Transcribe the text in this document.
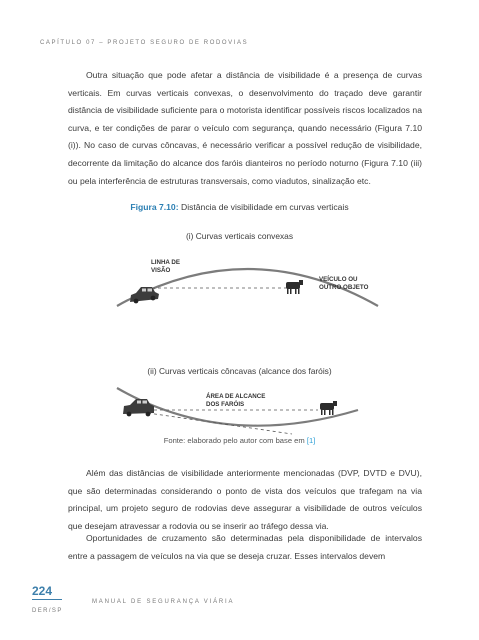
CAPÍTULO 07 – PROJETO SEGURO DE RODOVIAS
Outra situação que pode afetar a distância de visibilidade é a presença de curvas verticais. Em curvas verticais convexas, o desenvolvimento do traçado deve garantir distância de visibilidade suficiente para o motorista identificar possíveis riscos localizados na curva, e ter condições de parar o veículo com segurança, quando necessário (Figura 7.10 (i)). No caso de curvas côncavas, é necessário verificar a possível redução de visibilidade, decorrente da limitação do alcance dos faróis dianteiros no período noturno (Figura 7.10 (iii) ou pela interferência de estruturas transversais, como viadutos, sinalização etc.
Figura 7.10: Distância de visibilidade em curvas verticais
(i) Curvas verticais convexas
LINHA DE
VISÃO
VEÍCULO OU
OUTRO OBJETO
(ii) Curvas verticais côncavas (alcance dos faróis)
ÁREA DE ALCANCE
DOS FARÓIS
Fonte: elaborado pelo autor com base em [1]
Além das distâncias de visibilidade anteriormente mencionadas (DVP, DVTD e DVU), que são determinadas considerando o ponto de vista dos veículos que trafegam na via principal, um projeto seguro de rodovias deve assegurar a visibilidade de outros veículos que desejam atravessar a rodovia ou se inserir ao tráfego dessa via.
Oportunidades de cruzamento são determinadas pela disponibilidade de intervalos entre a passagem de veículos na via que se deseja cruzar. Esses intervalos devem
224
MANUAL DE SEGURANÇA VIÁRIA
DER/SP
